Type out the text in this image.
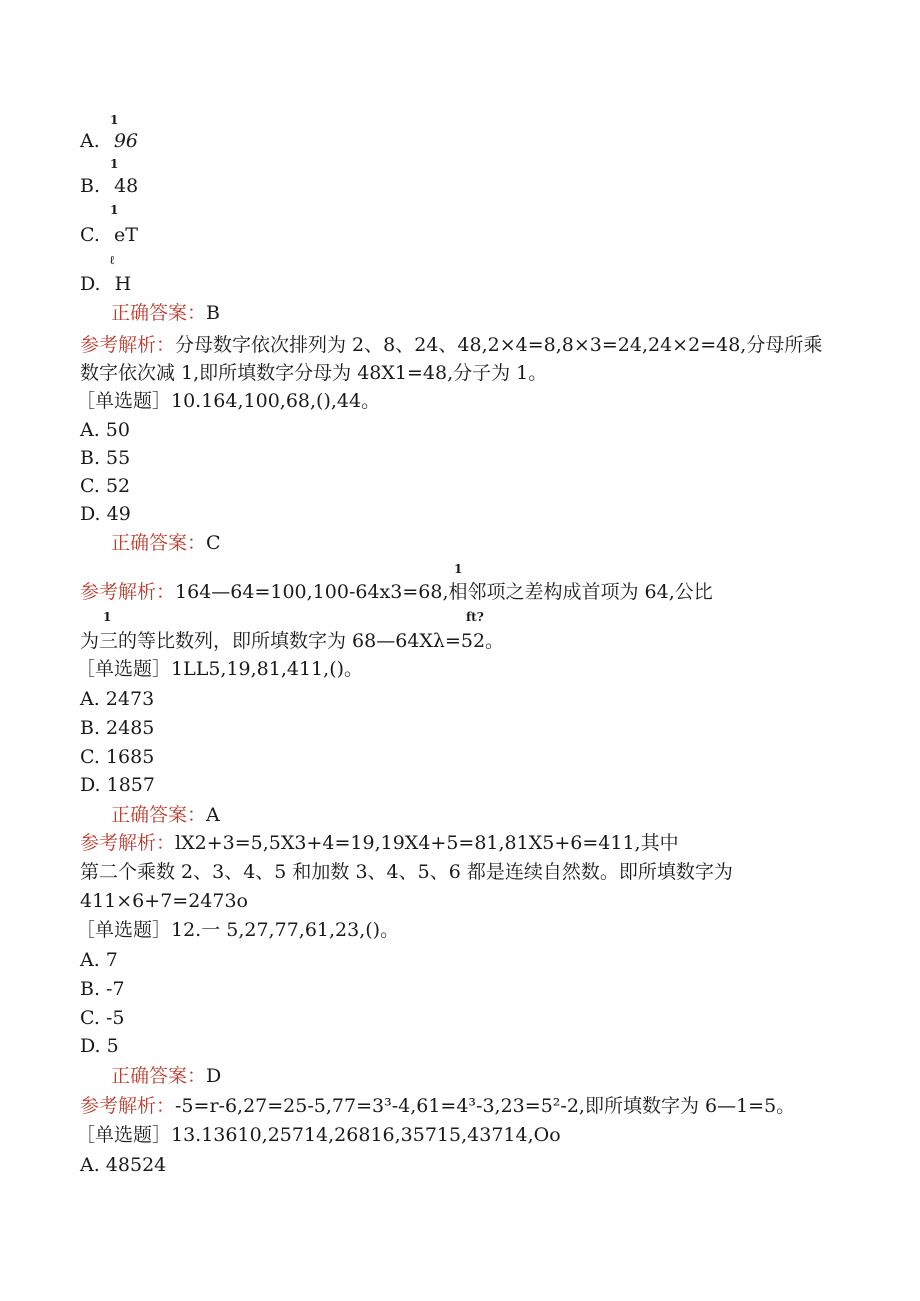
1
A. 96
1
B. 48
1
C. eT
ℓ
D. H
正确答案：B
参考解析：分母数字依次排列为 2、8、24、48,2×4=8,8×3=24,24×2=48,分母所乘
数字依次减 1,即所填数字分母为 48X1=48,分子为 1。
［单选题］10.164,100,68,(),44。
A. 50
B. 55
C. 52
D. 49
正确答案：C
1
参考解析：164—64=100,100-64x3=68,相邻项之差构成首项为 64,公比
1	ft?
为三的等比数列，即所填数字为 68—64Xλ=52。
［单选题］1LL5,19,81,411,()。
A. 2473
B. 2485
C. 1685
D. 1857
正确答案：A
参考解析：lX2+3=5,5X3+4=19,19X4+5=81,81X5+6=411,其中
第二个乘数 2、3、4、5 和加数 3、4、5、6 都是连续自然数。即所填数字为
411×6+7=2473o
［单选题］12.一 5,27,77,61,23,()。
A. 7
B. -7
C. -5
D. 5
正确答案：D
参考解析：-5=r-6,27=25-5,77=3³-4,61=4³-3,23=5²-2,即所填数字为 6—1=5。
［单选题］13.13610,25714,26816,35715,43714,Oo
A. 48524
